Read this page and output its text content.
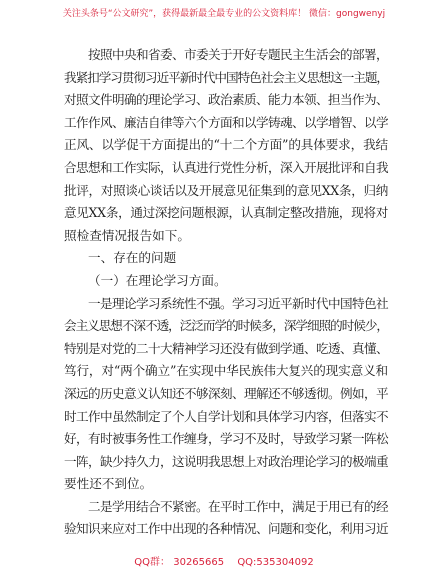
关注头条号“公文研究”，获得最新最全最专业的公文资料库！ 微信：gongwenyj
按照中央和省委、市委关于开好专题民主生活会的部署，
我紧扣学习贯彻习近平新时代中国特色社会主义思想这一主题，
对照文件明确的理论学习、政治素质、能力本领、担当作为、
工作作风、廉洁自律等六个方面和以学铸魂、以学增智、以学
正风、以学促干方面提出的“十二个方面”的具体要求，我结
合思想和工作实际，认真进行党性分析，深入开展批评和自我
批评，对照谈心谈话以及开展意见征集到的意见XX条，归纳
意见XX条，通过深挖问题根源，认真制定整改措施，现将对
照检查情况报告如下。
一、存在的问题
（一）在理论学习方面。
一是理论学习系统性不强。学习习近平新时代中国特色社
会主义思想不深不透，泛泛而学的时候多，深学细照的时候少，
特别是对党的二十大精神学习还没有做到学通、吃透、真懂、
笃行，对“两个确立”在实现中华民族伟大复兴的现实意义和
深远的历史意义认知还不够深刻、理解还不够透彻。例如，平
时工作中虽然制定了个人自学计划和具体学习内容，但落实不
好，有时被事务性工作缠身，学习不及时，导致学习紧一阵松
一阵，缺少持久力，这说明我思想上对政治理论学习的极端重
要性还不到位。
二是学用结合不紧密。在平时工作中，满足于用已有的经
验知识来应对工作中出现的各种情况、问题和变化，利用习近
QQ群： 30265665 QQ:535304092
